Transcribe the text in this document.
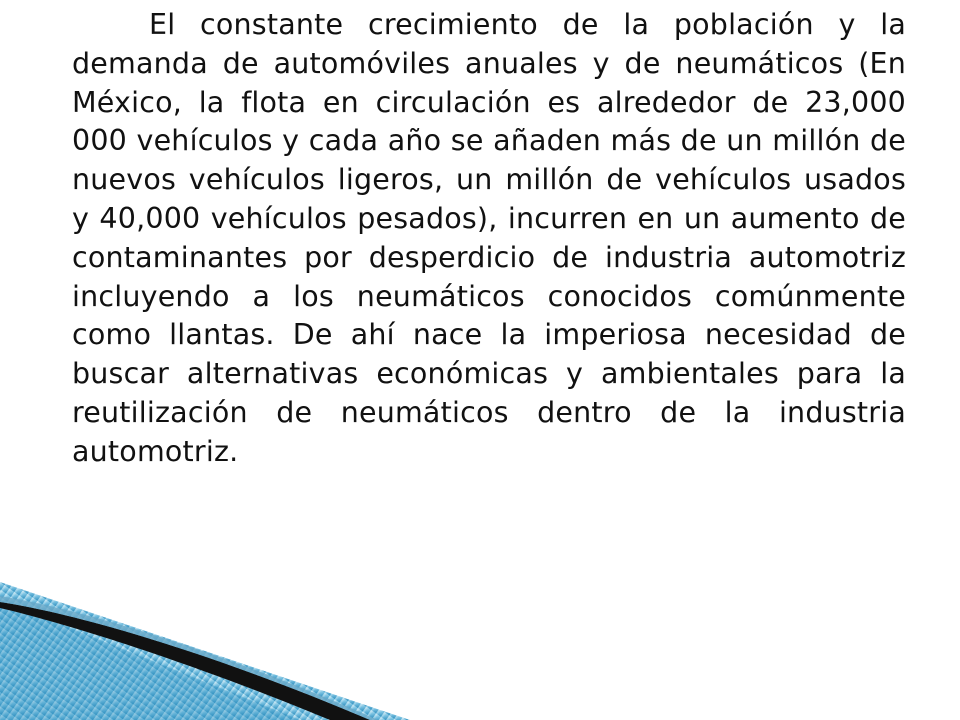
El constante crecimiento de la población y la demanda de automóviles anuales y de neumáticos (En México, la flota en circulación es alrededor de 23,000 000 vehículos y cada año se añaden más de un millón de nuevos vehículos ligeros, un millón de vehículos usados y 40,000 vehículos pesados), incurren en un aumento de contaminantes por desperdicio de industria automotriz incluyendo a los neumáticos conocidos comúnmente como llantas. De ahí nace la imperiosa necesidad de buscar alternativas económicas y ambientales para la reutilización de neumáticos dentro de la industria automotriz.
